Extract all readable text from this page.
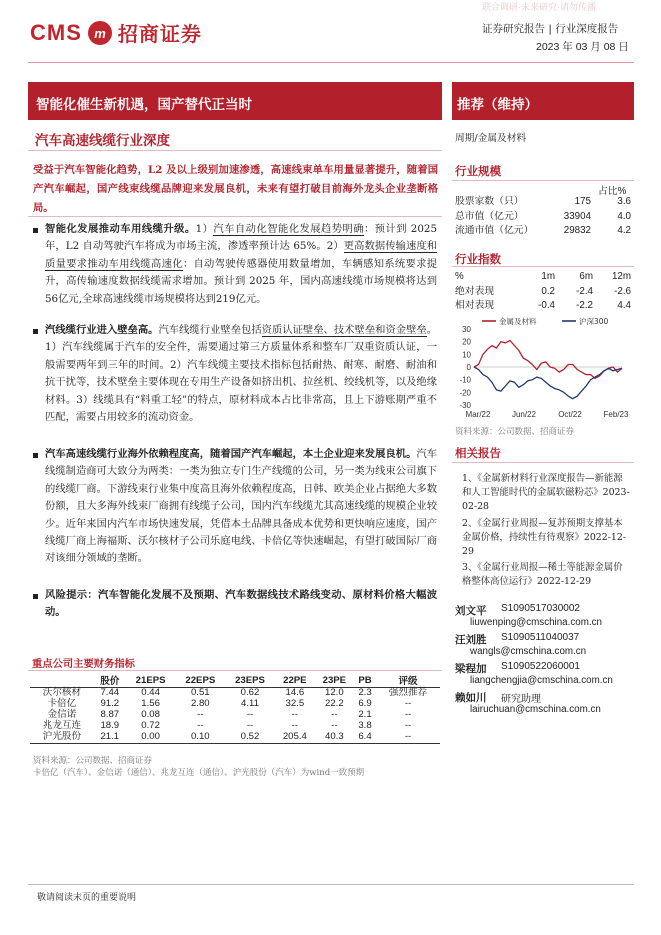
联合调研·未来研究·请勿传播
CMS m 招商证券	证券研究报告 | 行业深度报告
2023 年 03 月 08 日
智能化催生新机遇，国产替代正当时	推荐（维持）
汽车高速线缆行业深度	周期/金属及材料
受益于汽车智能化趋势，L2 及以上级别加速渗透，高速线束单车用量显著提升，随着国产汽车崛起，国产线束线缆品牌迎来发展良机，未来有望打破目前海外龙头企业垄断格局。
智能化发展推动车用线缆升级。1）汽车自动化智能化发展趋势明确：预计到 2025 年，L2 自动驾驶汽车将成为市场主流，渗透率预计达 65%。2）更高数据传输速度和质量要求推动车用线缆高速化：自动驾驶传感器使用数量增加，车辆感知系统要求提升，高传输速度数据线缆需求增加。预计到 2025 年，国内高速线缆市场规模将达到56亿元,全球高速线缆市场规模将达到219亿元。
汽线缆行业进入壁垒高。汽车线缆行业壁垒包括资质认证壁垒、技术壁垒和资金壁垒。1）汽车线缆属于汽车的安全件，需要通过第三方质量体系和整车厂双重资质认证，一般需要两年到三年的时间。2）汽车线缆主要技术指标包括耐热、耐寒、耐磨、耐油和抗干扰等，技术壁垒主要体现在专用生产设备如挤出机、拉丝机、绞线机等，以及绝缘材料。3）线缆具有“料重工轻”的特点，原材料成本占比非常高，且上下游账期严重不匹配，需要占用较多的流动资金。
汽车高速线缆行业海外依赖程度高，随着国产汽车崛起，本土企业迎来发展良机。汽车线缆制造商可大致分为两类：一类为独立专门生产线缆的公司，另一类为线束公司旗下的线缆厂商。下游线束行业集中度高且海外依赖程度高，日韩、欧美企业占据绝大多数份额，且大多海外线束厂商拥有线缆子公司，国内汽车线缆尤其高速线缆的规模企业较少。近年来国内汽车市场快速发展，凭借本土品牌具备成本优势和更快响应速度，国产线缆厂商上海福斯、沃尔核材子公司乐庭电线、卡倍亿等快速崛起，有望打破国际厂商对该细分领域的垄断。
风险提示：汽车智能化发展不及预期、汽车数据线技术路线变动、原材料价格大幅波动。
重点公司主要财务指标
	股价	21EPS	22EPS	23EPS	22PE	23PE	PB	评级
沃尔核材	7.44	0.44	0.51	0.62	14.6	12.0	2.3	强烈推荐
卡倍亿	91.2	1.56	2.80	4.11	32.5	22.2	6.9	--
金信诺	8.87	0.08	--	--	--	--	2.1	--
兆龙互连	18.9	0.72	--	--	--	--	3.8	--
沪光股份	21.1	0.00	0.10	0.52	205.4	40.3	6.4	--
资料来源：公司数据、招商证券
卡倍亿（汽车）、金信诺（通信）、兆龙互连（通信）、沪光股份（汽车）为wind一致预期
行业规模
占比%
股票家数（只）	175	3.6
总市值（亿元）	33904	4.0
流通市值（亿元）	29832	4.2
行业指数
%	1m	6m	12m
绝对表现	0.2	-2.4	-2.6
相对表现	-0.4	-2.2	4.4
30
20
10
0
-10
-20
-30
Mar/22	Jun/22	Oct/22	Feb/23
金属及材料	沪深300
资料来源：公司数据、招商证券
相关报告
1、《金属新材料行业深度报告—新能源和人工智能时代的金属软磁粉芯》2023-02-28
2、《金属行业周报—复苏预期支撑基本金属价格，持续性有待观察》2022-12-29
3、《金属行业周报—稀土等能源金属价格整体高位运行》2022-12-29
刘文平	S1090517030002
liuwenping@cmschina.com.cn
汪刘胜	S1090511040037
wangls@cmschina.com.cn
梁程加	S1090522060001
liangchengjia@cmschina.com.cn
赖如川	研究助理
lairuchuan@cmschina.com.cn
敬请阅读末页的重要说明
